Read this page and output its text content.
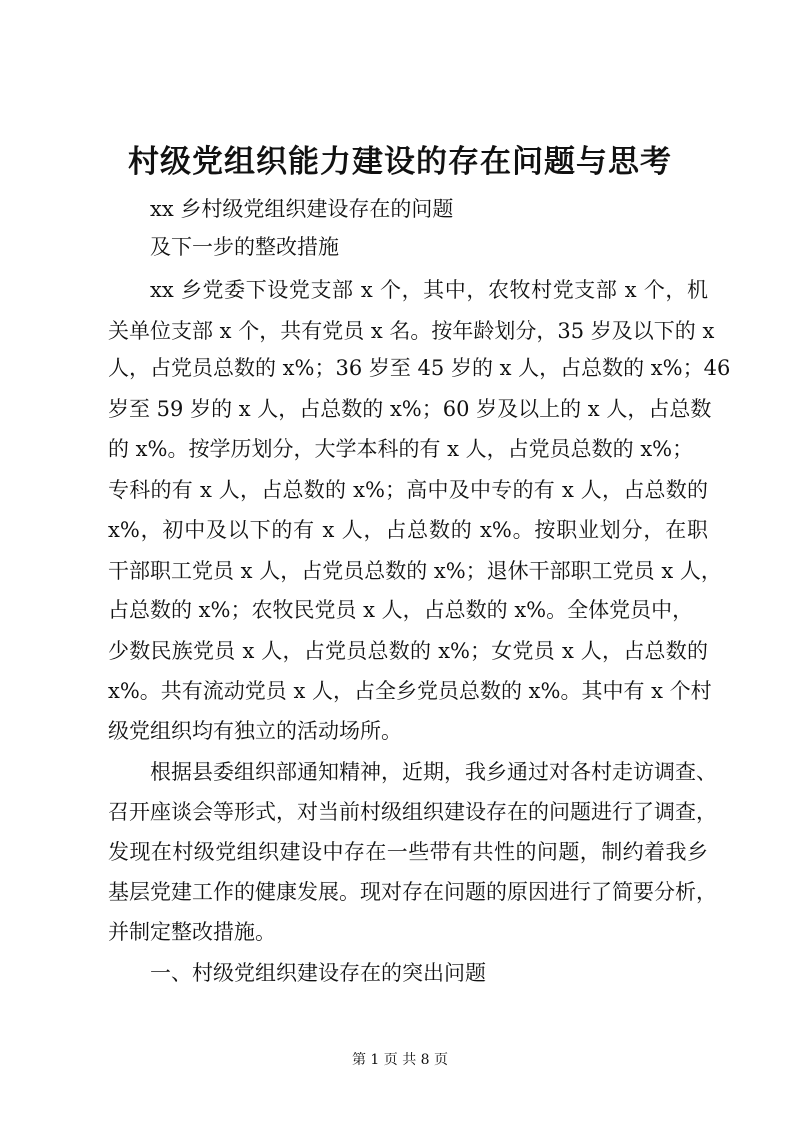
村级党组织能力建设的存在问题与思考

xx 乡村级党组织建设存在的问题

及下一步的整改措施

xx 乡党委下设党支部 x 个，其中，农牧村党支部 x 个，机

关单位支部 x 个，共有党员 x 名。按年龄划分，35 岁及以下的 x

人，占党员总数的 x%；36 岁至 45 岁的 x 人，占总数的 x%；46

岁至 59 岁的 x 人，占总数的 x%；60 岁及以上的 x 人，占总数

的 x%。按学历划分，大学本科的有 x 人，占党员总数的 x%；

专科的有 x 人，占总数的 x%；高中及中专的有 x 人，占总数的

x%，初中及以下的有 x 人，占总数的 x%。按职业划分，在职

干部职工党员 x 人，占党员总数的 x%；退休干部职工党员 x 人，

占总数的 x%；农牧民党员 x 人，占总数的 x%。全体党员中，

少数民族党员 x 人，占党员总数的 x%；女党员 x 人，占总数的

x%。共有流动党员 x 人，占全乡党员总数的 x%。其中有 x 个村

级党组织均有独立的活动场所。

根据县委组织部通知精神，近期，我乡通过对各村走访调查、

召开座谈会等形式，对当前村级组织建设存在的问题进行了调查，

发现在村级党组织建设中存在一些带有共性的问题，制约着我乡

基层党建工作的健康发展。现对存在问题的原因进行了简要分析，

并制定整改措施。

一、村级党组织建设存在的突出问题

第 1 页 共 8 页
